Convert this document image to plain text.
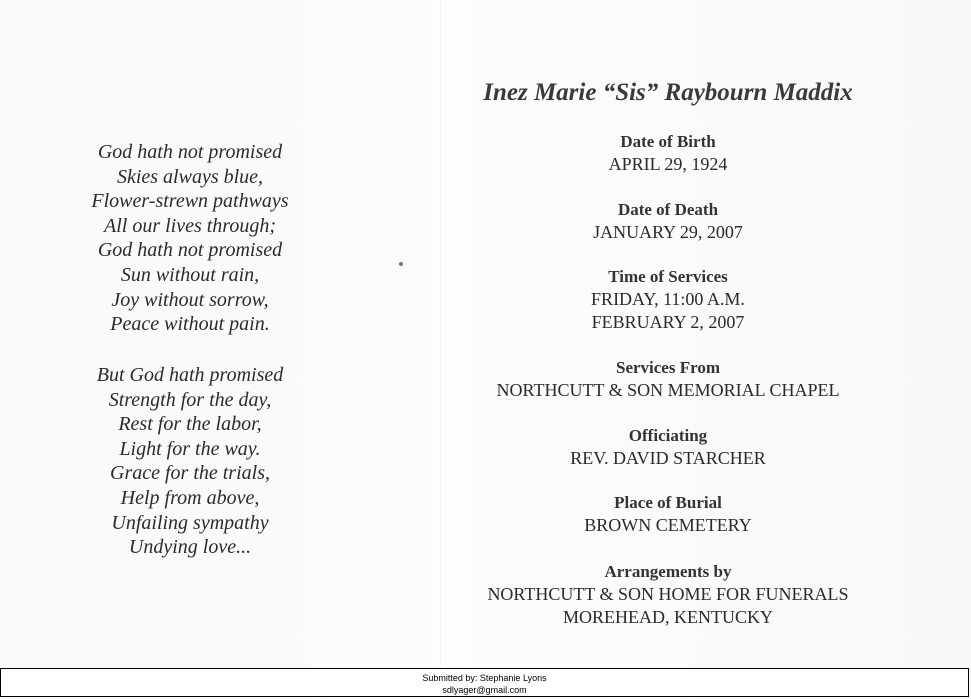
God hath not promised
Skies always blue,
Flower-strewn pathways
All our lives through;
God hath not promised
Sun without rain,
Joy without sorrow,
Peace without pain.
But God hath promised
Strength for the day,
Rest for the labor,
Light for the way.
Grace for the trials,
Help from above,
Unfailing sympathy
Undying love...
Inez Marie “Sis” Raybourn Maddix
Date of Birth
APRIL 29, 1924
Date of Death
JANUARY 29, 2007
Time of Services
FRIDAY, 11:00 A.M.
FEBRUARY 2, 2007
Services From
NORTHCUTT & SON MEMORIAL CHAPEL
Officiating
REV. DAVID STARCHER
Place of Burial
BROWN CEMETERY
Arrangements by
NORTHCUTT & SON HOME FOR FUNERALS
MOREHEAD, KENTUCKY
Submitted by: Stephanie Lyons
sdlyager@gmail.com
